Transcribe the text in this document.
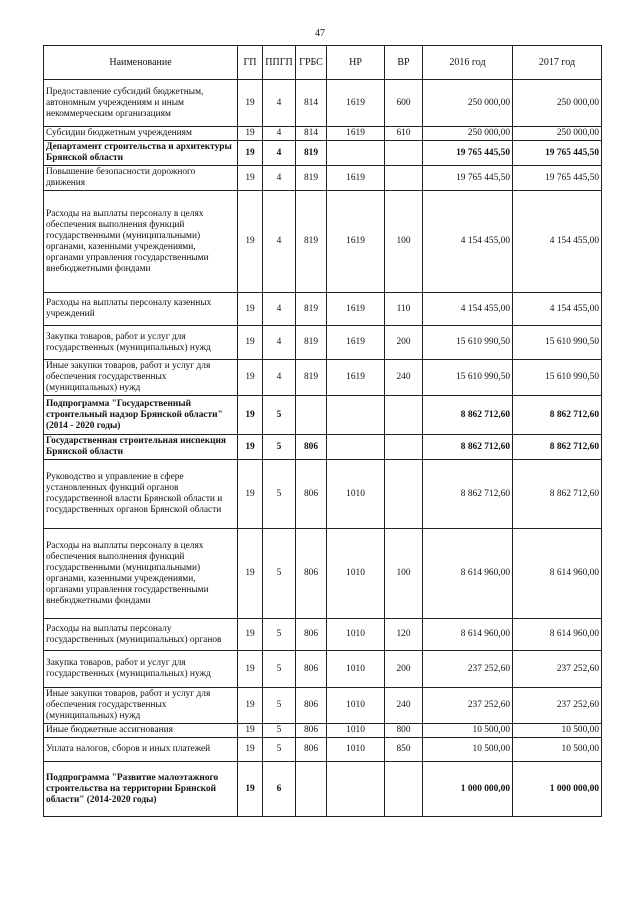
47
Наименование	ГП	ППГП	ГРБС	НР	ВР	2016 год	2017 год
Предоставление субсидий бюджетным, автономным учреждениям и иным некоммерческим организациям	19	4	814	1619	600	250 000,00	250 000,00
Субсидии бюджетным учреждениям	19	4	814	1619	610	250 000,00	250 000,00
Департамент строительства и архитектуры Брянской области	19	4	819			19 765 445,50	19 765 445,50
Повышение безопасности дорожного движения	19	4	819	1619		19 765 445,50	19 765 445,50
Расходы на выплаты персоналу в целях обеспечения выполнения функций государственными (муниципальными) органами, казенными учреждениями, органами управления государственными внебюджетными фондами	19	4	819	1619	100	4 154 455,00	4 154 455,00
Расходы на выплаты персоналу казенных учреждений	19	4	819	1619	110	4 154 455,00	4 154 455,00
Закупка товаров, работ и услуг для государственных (муниципальных) нужд	19	4	819	1619	200	15 610 990,50	15 610 990,50
Иные закупки товаров, работ и услуг для обеспечения государственных (муниципальных) нужд	19	4	819	1619	240	15 610 990,50	15 610 990,50
Подпрограмма "Государственный строительный надзор Брянской области" (2014 - 2020 годы)	19	5				8 862 712,60	8 862 712,60
Государственная строительная инспекция Брянской области	19	5	806			8 862 712,60	8 862 712,60
Руководство и управление в сфере установленных функций органов государственной власти Брянской области и государственных органов Брянской области	19	5	806	1010		8 862 712,60	8 862 712,60
Расходы на выплаты персоналу в целях обеспечения выполнения функций государственными (муниципальными) органами, казенными учреждениями, органами управления государственными внебюджетными фондами	19	5	806	1010	100	8 614 960,00	8 614 960,00
Расходы на выплаты персоналу государственных (муниципальных) органов	19	5	806	1010	120	8 614 960,00	8 614 960,00
Закупка товаров, работ и услуг для государственных (муниципальных) нужд	19	5	806	1010	200	237 252,60	237 252,60
Иные закупки товаров, работ и услуг для обеспечения государственных (муниципальных) нужд	19	5	806	1010	240	237 252,60	237 252,60
Иные бюджетные ассигнования	19	5	806	1010	800	10 500,00	10 500,00
Уплата налогов, сборов и иных платежей	19	5	806	1010	850	10 500,00	10 500,00
Подпрограмма "Развитие малоэтажного строительства на территории Брянской области" (2014-2020 годы)	19	6				1 000 000,00	1 000 000,00
